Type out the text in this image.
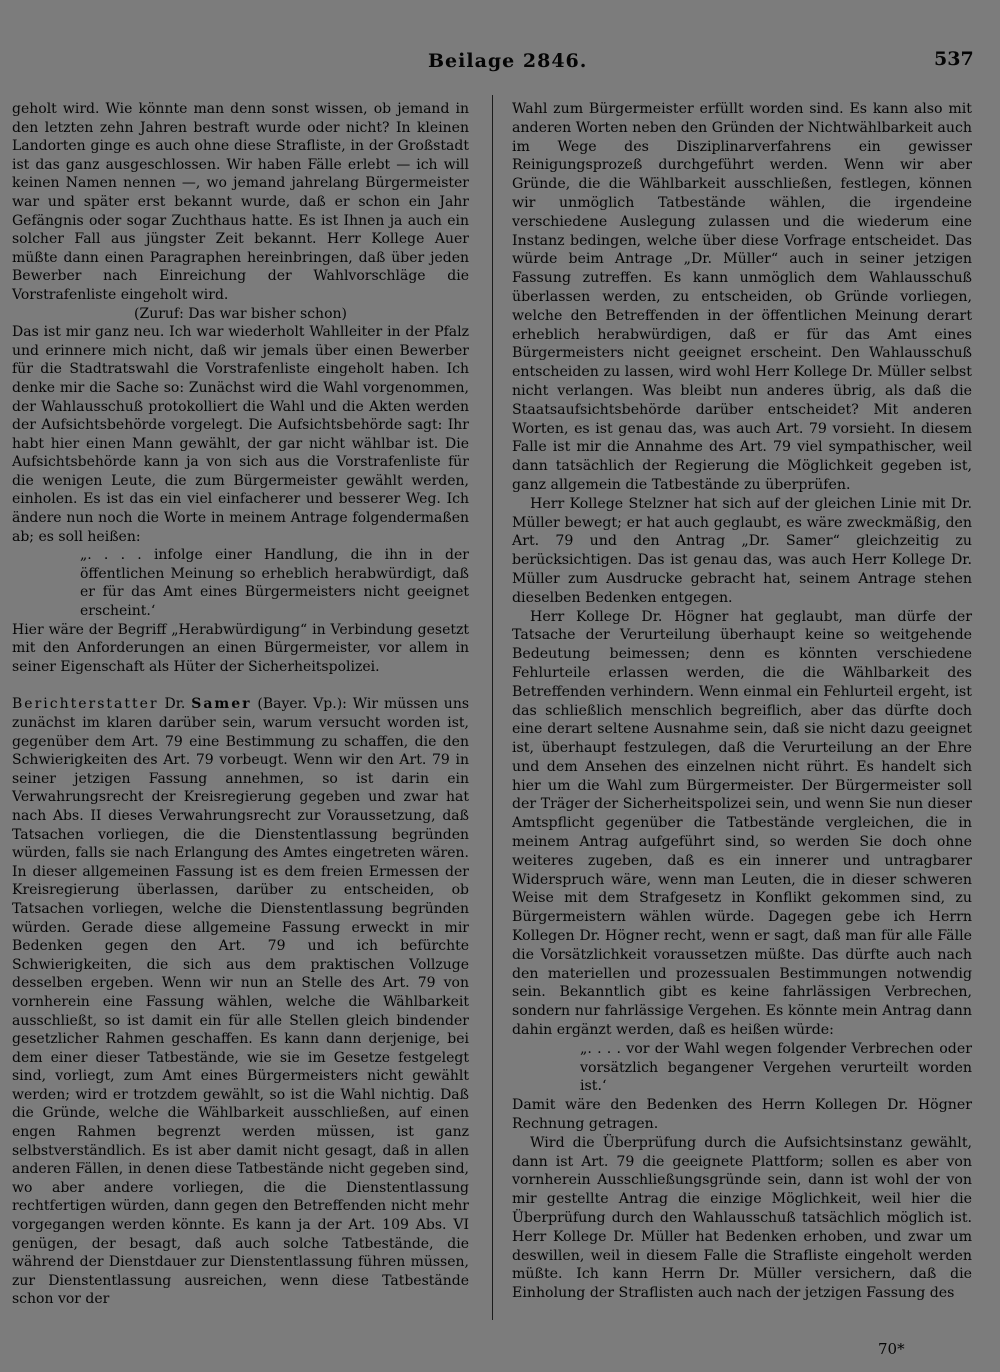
Beilage 2846.	537

geholt wird. Wie könnte man denn sonst wissen, ob jemand in den letzten zehn Jahren bestraft wurde oder nicht? In kleinen Landorten ginge es auch ohne diese Strafliste, in der Großstadt ist das ganz ausgeschlossen. Wir haben Fälle erlebt — ich will keinen Namen nennen —, wo jemand jahrelang Bürgermeister war und später erst bekannt wurde, daß er schon ein Jahr Gefängnis oder sogar Zuchthaus hatte. Es ist Ihnen ja auch ein solcher Fall aus jüngster Zeit bekannt. Herr Kollege Auer müßte dann einen Paragraphen hereinbringen, daß über jeden Bewerber nach Einreichung der Wahlvorschläge die Vorstrafenliste eingeholt wird.

(Zuruf: Das war bisher schon)

Das ist mir ganz neu. Ich war wiederholt Wahlleiter in der Pfalz und erinnere mich nicht, daß wir jemals über einen Bewerber für die Stadtratswahl die Vorstrafenliste eingeholt haben. Ich denke mir die Sache so: Zunächst wird die Wahl vorgenommen, der Wahlausschuß protokolliert die Wahl und die Akten werden der Aufsichtsbehörde vorgelegt. Die Aufsichtsbehörde sagt: Ihr habt hier einen Mann gewählt, der gar nicht wählbar ist. Die Aufsichtsbehörde kann ja von sich aus die Vorstrafenliste für die wenigen Leute, die zum Bürgermeister gewählt werden, einholen. Es ist das ein viel einfacherer und besserer Weg. Ich ändere nun noch die Worte in meinem Antrage folgendermaßen ab; es soll heißen:

„. . . . infolge einer Handlung, die ihn in der öffentlichen Meinung so erheblich herabwürdigt, daß er für das Amt eines Bürgermeisters nicht geeignet erscheint.‘

Hier wäre der Begriff „Herabwürdigung“ in Verbindung gesetzt mit den Anforderungen an einen Bürgermeister, vor allem in seiner Eigenschaft als Hüter der Sicherheitspolizei.

Berichterstatter Dr. Samer (Bayer. Vp.): Wir müssen uns zunächst im klaren darüber sein, warum versucht worden ist, gegenüber dem Art. 79 eine Bestimmung zu schaffen, die den Schwierigkeiten des Art. 79 vorbeugt. Wenn wir den Art. 79 in seiner jetzigen Fassung annehmen, so ist darin ein Verwahrungsrecht der Kreisregierung gegeben und zwar hat nach Abs. II dieses Verwahrungsrecht zur Voraussetzung, daß Tatsachen vorliegen, die die Dienstentlassung begründen würden, falls sie nach Erlangung des Amtes eingetreten wären. In dieser allgemeinen Fassung ist es dem freien Ermessen der Kreisregierung überlassen, darüber zu entscheiden, ob Tatsachen vorliegen, welche die Dienstentlassung begründen würden. Gerade diese allgemeine Fassung erweckt in mir Bedenken gegen den Art. 79 und ich befürchte Schwierigkeiten, die sich aus dem praktischen Vollzuge desselben ergeben. Wenn wir nun an Stelle des Art. 79 von vornherein eine Fassung wählen, welche die Wählbarkeit ausschließt, so ist damit ein für alle Stellen gleich bindender gesetzlicher Rahmen geschaffen. Es kann dann derjenige, bei dem einer dieser Tatbestände, wie sie im Gesetze festgelegt sind, vorliegt, zum Amt eines Bürgermeisters nicht gewählt werden; wird er trotzdem gewählt, so ist die Wahl nichtig. Daß die Gründe, welche die Wählbarkeit ausschließen, auf einen engen Rahmen begrenzt werden müssen, ist ganz selbstverständlich. Es ist aber damit nicht gesagt, daß in allen anderen Fällen, in denen diese Tatbestände nicht gegeben sind, wo aber andere vorliegen, die die Dienstentlassung rechtfertigen würden, dann gegen den Betreffenden nicht mehr vorgegangen werden könnte. Es kann ja der Art. 109 Abs. VI genügen, der besagt, daß auch solche Tatbestände, die während der Dienstdauer zur Dienstentlassung führen müssen, zur Dienstentlassung ausreichen, wenn diese Tatbestände schon vor der

Wahl zum Bürgermeister erfüllt worden sind. Es kann also mit anderen Worten neben den Gründen der Nichtwählbarkeit auch im Wege des Disziplinarverfahrens ein gewisser Reinigungsprozeß durchgeführt werden. Wenn wir aber Gründe, die die Wählbarkeit ausschließen, festlegen, können wir unmöglich Tatbestände wählen, die irgendeine verschiedene Auslegung zulassen und die wiederum eine Instanz bedingen, welche über diese Vorfrage entscheidet. Das würde beim Antrage „Dr. Müller“ auch in seiner jetzigen Fassung zutreffen. Es kann unmöglich dem Wahlausschuß überlassen werden, zu entscheiden, ob Gründe vorliegen, welche den Betreffenden in der öffentlichen Meinung derart erheblich herabwürdigen, daß er für das Amt eines Bürgermeisters nicht geeignet erscheint. Den Wahlausschuß entscheiden zu lassen, wird wohl Herr Kollege Dr. Müller selbst nicht verlangen. Was bleibt nun anderes übrig, als daß die Staatsaufsichtsbehörde darüber entscheidet? Mit anderen Worten, es ist genau das, was auch Art. 79 vorsieht. In diesem Falle ist mir die Annahme des Art. 79 viel sympathischer, weil dann tatsächlich der Regierung die Möglichkeit gegeben ist, ganz allgemein die Tatbestände zu überprüfen.

Herr Kollege Stelzner hat sich auf der gleichen Linie mit Dr. Müller bewegt; er hat auch geglaubt, es wäre zweckmäßig, den Art. 79 und den Antrag „Dr. Samer“ gleichzeitig zu berücksichtigen. Das ist genau das, was auch Herr Kollege Dr. Müller zum Ausdrucke gebracht hat, seinem Antrage stehen dieselben Bedenken entgegen.

Herr Kollege Dr. Högner hat geglaubt, man dürfe der Tatsache der Verurteilung überhaupt keine so weitgehende Bedeutung beimessen; denn es könnten verschiedene Fehlurteile erlassen werden, die die Wählbarkeit des Betreffenden verhindern. Wenn einmal ein Fehlurteil ergeht, ist das schließlich menschlich begreiflich, aber das dürfte doch eine derart seltene Ausnahme sein, daß sie nicht dazu geeignet ist, überhaupt festzulegen, daß die Verurteilung an der Ehre und dem Ansehen des einzelnen nicht rührt. Es handelt sich hier um die Wahl zum Bürgermeister. Der Bürgermeister soll der Träger der Sicherheitspolizei sein, und wenn Sie nun dieser Amtspflicht gegenüber die Tatbestände vergleichen, die in meinem Antrag aufgeführt sind, so werden Sie doch ohne weiteres zugeben, daß es ein innerer und untragbarer Widerspruch wäre, wenn man Leuten, die in dieser schweren Weise mit dem Strafgesetz in Konflikt gekommen sind, zu Bürgermeistern wählen würde. Dagegen gebe ich Herrn Kollegen Dr. Högner recht, wenn er sagt, daß man für alle Fälle die Vorsätzlichkeit voraussetzen müßte. Das dürfte auch nach den materiellen und prozessualen Bestimmungen notwendig sein. Bekanntlich gibt es keine fahrlässigen Verbrechen, sondern nur fahrlässige Vergehen. Es könnte mein Antrag dann dahin ergänzt werden, daß es heißen würde:

„. . . . vor der Wahl wegen folgender Verbrechen oder vorsätzlich begangener Vergehen verurteilt worden ist.‘

Damit wäre den Bedenken des Herrn Kollegen Dr. Högner Rechnung getragen.

Wird die Überprüfung durch die Aufsichtsinstanz gewählt, dann ist Art. 79 die geeignete Plattform; sollen es aber von vornherein Ausschließungsgründe sein, dann ist wohl der von mir gestellte Antrag die einzige Möglichkeit, weil hier die Überprüfung durch den Wahlausschuß tatsächlich möglich ist. Herr Kollege Dr. Müller hat Bedenken erhoben, und zwar um deswillen, weil in diesem Falle die Strafliste eingeholt werden müßte. Ich kann Herrn Dr. Müller versichern, daß die Einholung der Straflisten auch nach der jetzigen Fassung des

70*
